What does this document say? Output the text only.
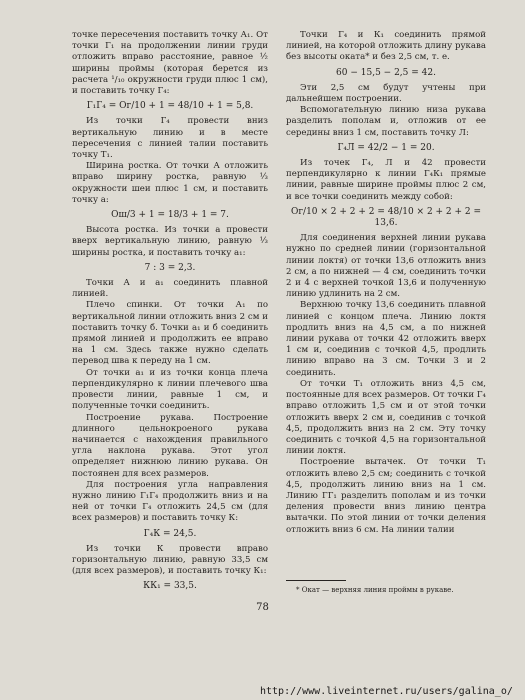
точке пересечения поставить точку А₁. От точки Г₁ на продолжении линии груди отложить вправо расстояние, равное ½ ширины проймы (которая берется из расчета ¹/₁₀ окружности груди плюс 1 см), и поставить точку Г₄:

Г₁Г₄ = Ог/10 + 1 = 48/10 + 1 = 5,8.

Из точки Г₄ провести вниз вертикальную линию и в месте пересечения с линией талии поставить точку Т₁.

Ширина ростка. От точки А отложить вправо ширину ростка, равную ⅓ окружности шеи плюс 1 см, и поставить точку а:

Ош/3 + 1 = 18/3 + 1 = 7.

Высота ростка. Из точки а провести вверх вертикальную линию, равную ⅓ ширины ростка, и поставить точку а₁:

7 : 3 = 2,3.

Точки А и а₁ соединить плавной линией.

Плечо спинки. От точки А₁ по вертикальной линии отложить вниз 2 см и поставить точку б. Точки а₁ и б соединить прямой линией и продолжить ее вправо на 1 см. Здесь также нужно сделать перевод шва к переду на 1 см.

От точки а₁ и из точки конца плеча перпендикулярно к линии плечевого шва провести линии, равные 1 см, и полученные точки соединить.

Построение рукава. Построение длинного цельнокроеного рукава начинается с нахождения правильного угла наклона рукава. Этот угол определяет нижнюю линию рукава. Он постоянен для всех размеров.

Для построения угла направления нужно линию Г₁Г₄ продолжить вниз и на ней от точки Г₄ отложить 24,5 см (для всех размеров) и поставить точку К:

Г₄К = 24,5.

Из точки К провести вправо горизонтальную линию, равную 33,5 см (для всех размеров), и поставить точку К₁:

КК₁ = 33,5.

Точки Г₄ и К₁ соединить прямой линией, на которой отложить длину рукава без высоты оката* и без 2,5 см, т. е.

60 − 15,5 − 2,5 = 42.

Эти 2,5 см будут учтены при дальнейшем построении.

Вспомогательную линию низа рукава разделить пополам и, отложив от ее середины вниз 1 см, поставить точку Л:

Г₄Л = 42/2 − 1 = 20.

Из точек Г₄, Л и 42 провести перпендикулярно к линии Г₄К₁ прямые линии, равные ширине проймы плюс 2 см, и все точки соединить между собой:

Ог/10 × 2 + 2 + 2 = 48/10 × 2 + 2 + 2 = 13,6.

Для соединения верхней линии рукава нужно по средней линии (горизонтальной линии локтя) от точки 13,6 отложить вниз 2 см, а по нижней — 4 см, соединить точки 2 и 4 с верхней точкой 13,6 и полученную линию удлинить на 2 см.

Верхнюю точку 13,6 соединить плавной линией с концом плеча. Линию локтя продлить вниз на 4,5 см, а по нижней линии рукава от точки 42 отложить вверх 1 см и, соединив с точкой 4,5, продлить линию вправо на 3 см. Точки 3 и 2 соединить.

От точки Т₁ отложить вниз 4,5 см, постоянные для всех размеров. От точки Г₄ вправо отложить 1,5 см и от этой точки отложить вверх 2 см и, соединив с точкой 4,5, продолжить вниз на 2 см. Эту точку соединить с точкой 4,5 на горизонтальной линии локтя.

Построение вытачек. От точки Т₁ отложить влево 2,5 см; соединить с точкой 4,5, продолжить линию вниз на 1 см. Линию ГГ₁ разделить пополам и из точки деления провести вниз линию центра вытачки. По этой линии от точки деления отложить вниз 6 см. На линии талии

* Окат — верхняя линия проймы в рукаве.
78
http://www.liveinternet.ru/users/galina_o/
